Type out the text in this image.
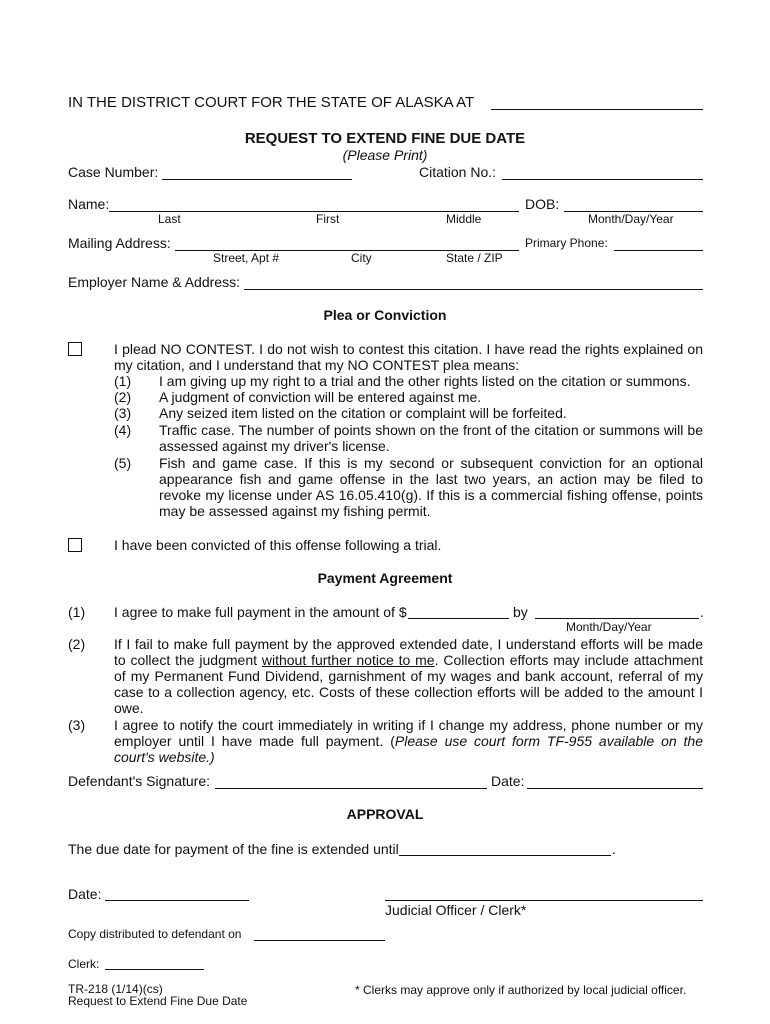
IN THE DISTRICT COURT FOR THE STATE OF ALASKA AT
REQUEST TO EXTEND FINE DUE DATE
(Please Print)
Case Number:	Citation No.:
Name:	DOB:
Last	First	Middle	Month/Day/Year
Mailing Address:	Primary Phone:
Street, Apt #	City	State / ZIP
Employer Name & Address:
Plea or Conviction
I plead NO CONTEST. I do not wish to contest this citation. I have read the rights explained on my citation, and I understand that my NO CONTEST plea means:
(1) I am giving up my right to a trial and the other rights listed on the citation or summons.
(2) A judgment of conviction will be entered against me.
(3) Any seized item listed on the citation or complaint will be forfeited.
(4) Traffic case. The number of points shown on the front of the citation or summons will be assessed against my driver's license.
(5) Fish and game case. If this is my second or subsequent conviction for an optional appearance fish and game offense in the last two years, an action may be filed to revoke my license under AS 16.05.410(g). If this is a commercial fishing offense, points may be assessed against my fishing permit.
I have been convicted of this offense following a trial.
Payment Agreement
(1) I agree to make full payment in the amount of $	by	.
Month/Day/Year
(2) If I fail to make full payment by the approved extended date, I understand efforts will be made to collect the judgment without further notice to me. Collection efforts may include attachment of my Permanent Fund Dividend, garnishment of my wages and bank account, referral of my case to a collection agency, etc. Costs of these collection efforts will be added to the amount I owe.
(3) I agree to notify the court immediately in writing if I change my address, phone number or my employer until I have made full payment. (Please use court form TF-955 available on the court's website.)
Defendant's Signature:	Date:
APPROVAL
The due date for payment of the fine is extended until	.
Date:
Judicial Officer / Clerk*
Copy distributed to defendant on
Clerk:
TR-218 (1/14)(cs)
Request to Extend Fine Due Date
* Clerks may approve only if authorized by local judicial officer.
